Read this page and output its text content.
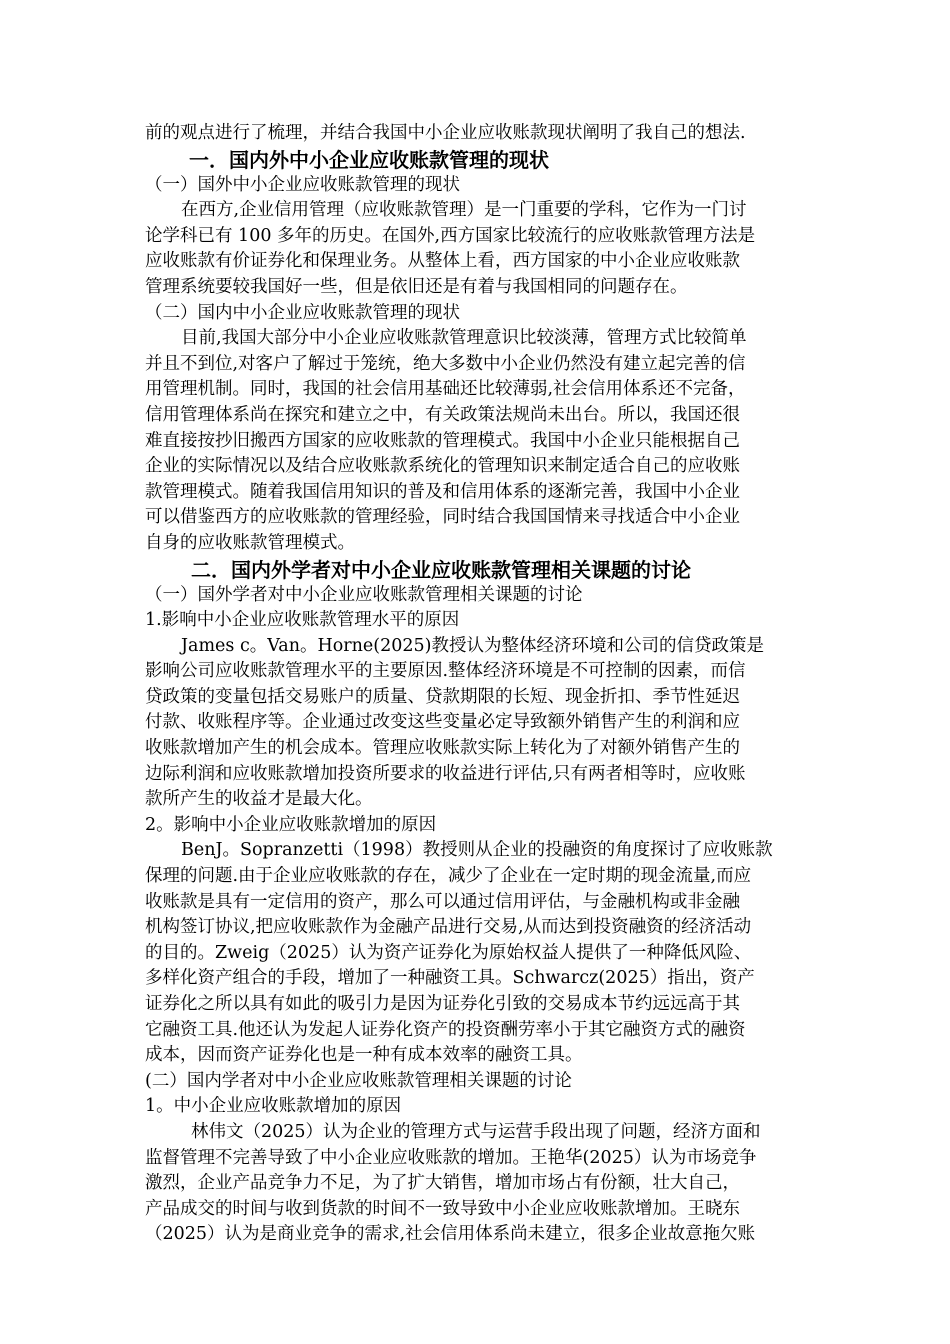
前的观点进行了梳理，并结合我国中小企业应收账款现状阐明了我自己的想法.
一．国内外中小企业应收账款管理的现状
（一）国外中小企业应收账款管理的现状
在西方,企业信用管理（应收账款管理）是一门重要的学科，它作为一门讨
论学科已有 100 多年的历史。在国外,西方国家比较流行的应收账款管理方法是
应收账款有价证券化和保理业务。从整体上看，西方国家的中小企业应收账款
管理系统要较我国好一些，但是依旧还是有着与我国相同的问题存在。
（二）国内中小企业应收账款管理的现状
目前,我国大部分中小企业应收账款管理意识比较淡薄，管理方式比较简单
并且不到位,对客户了解过于笼统，绝大多数中小企业仍然没有建立起完善的信
用管理机制。同时，我国的社会信用基础还比较薄弱,社会信用体系还不完备，
信用管理体系尚在探究和建立之中，有关政策法规尚未出台。所以，我国还很
难直接按抄旧搬西方国家的应收账款的管理模式。我国中小企业只能根据自己
企业的实际情况以及结合应收账款系统化的管理知识来制定适合自己的应收账
款管理模式。随着我国信用知识的普及和信用体系的逐渐完善，我国中小企业
可以借鉴西方的应收账款的管理经验，同时结合我国国情来寻找适合中小企业
自身的应收账款管理模式。
二．国内外学者对中小企业应收账款管理相关课题的讨论
（一）国外学者对中小企业应收账款管理相关课题的讨论
1.影响中小企业应收账款管理水平的原因
James c。Van。Horne(2025)教授认为整体经济环境和公司的信贷政策是
影响公司应收账款管理水平的主要原因.整体经济环境是不可控制的因素，而信
贷政策的变量包括交易账户的质量、贷款期限的长短、现金折扣、季节性延迟
付款、收账程序等。企业通过改变这些变量必定导致额外销售产生的利润和应
收账款增加产生的机会成本。管理应收账款实际上转化为了对额外销售产生的
边际利润和应收账款增加投资所要求的收益进行评估,只有两者相等时，应收账
款所产生的收益才是最大化。
2。影响中小企业应收账款增加的原因
BenJ。Sopranzetti（1998）教授则从企业的投融资的角度探讨了应收账款
保理的问题.由于企业应收账款的存在，减少了企业在一定时期的现金流量,而应
收账款是具有一定信用的资产，那么可以通过信用评估，与金融机构或非金融
机构签订协议,把应收账款作为金融产品进行交易,从而达到投资融资的经济活动
的目的。Zweig（2025）认为资产证券化为原始权益人提供了一种降低风险、
多样化资产组合的手段，增加了一种融资工具。Schwarcz(2025）指出，资产
证券化之所以具有如此的吸引力是因为证券化引致的交易成本节约远远高于其
它融资工具.他还认为发起人证券化资产的投资酬劳率小于其它融资方式的融资
成本，因而资产证券化也是一种有成本效率的融资工具。
(二）国内学者对中小企业应收账款管理相关课题的讨论
1。中小企业应收账款增加的原因
林伟文（2025）认为企业的管理方式与运营手段出现了问题，经济方面和
监督管理不完善导致了中小企业应收账款的增加。王艳华(2025）认为市场竞争
激烈，企业产品竞争力不足，为了扩大销售，增加市场占有份额，壮大自己，
产品成交的时间与收到货款的时间不一致导致中小企业应收账款增加。王晓东
（2025）认为是商业竞争的需求,社会信用体系尚未建立，很多企业故意拖欠账
